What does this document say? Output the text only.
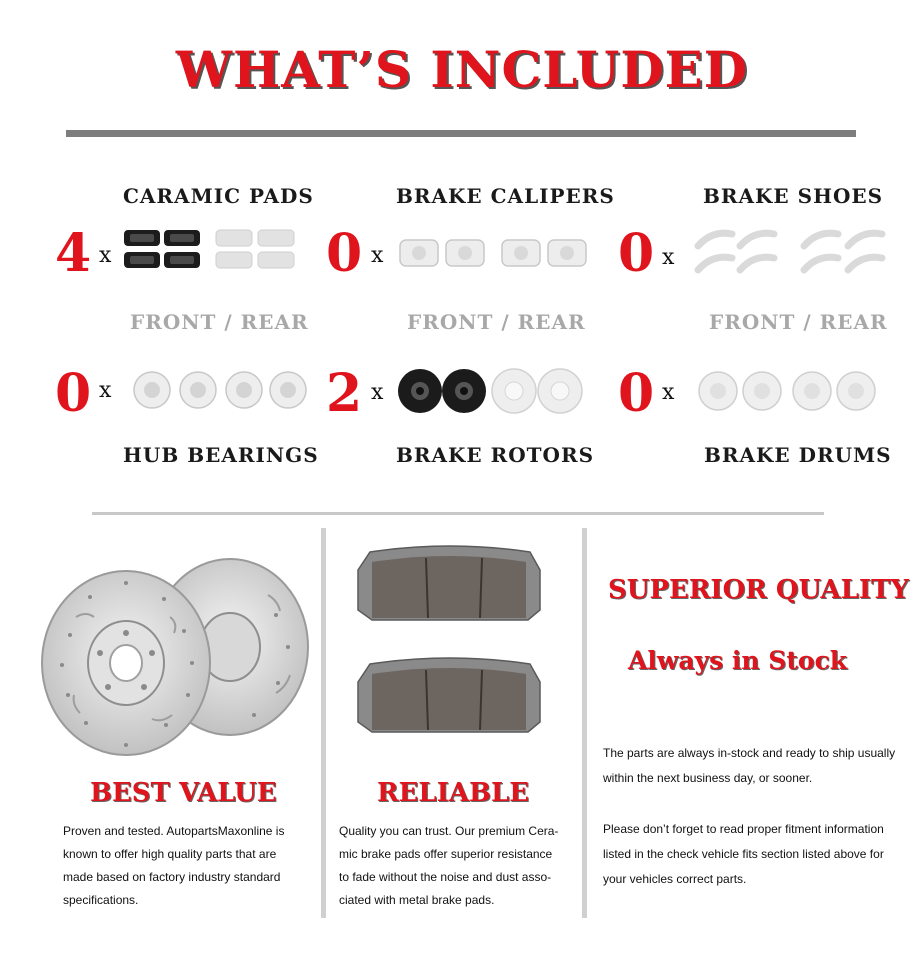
WHAT’S INCLUDED
CARAMIC PADS	BRAKE CALIPERS	BRAKE SHOES
4 x	0 x	0 x
FRONT / REAR	FRONT / REAR	FRONT / REAR
0 x	2 x	0 x
HUB BEARINGS	BRAKE ROTORS	BRAKE DRUMS
BEST VALUE	RELIABLE
SUPERIOR QUALITY
Always in Stock
Proven and tested. AutopartsMaxonline is
known to offer high quality parts that are
made based on factory industry standard
specifications.
Quality you can trust. Our premium Cera-
mic brake pads offer superior resistance
to fade without the noise and dust asso-
ciated with metal brake pads.
The parts are always in-stock and ready to ship usually
within the next business day, or sooner.
Please don’t forget to read proper fitment information
listed in the check vehicle fits section listed above for
your vehicles correct parts.
